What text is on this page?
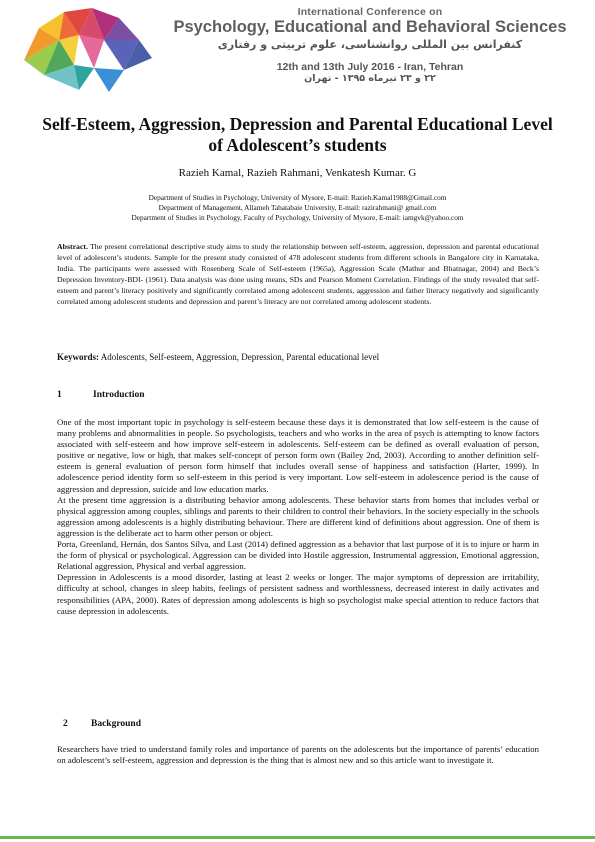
International Conference on
Psychology, Educational and Behavioral Sciences
کنفرانس بین المللی روانشناسی، علوم تربیتی و رفتاری
12th and 13th July 2016 - Iran, Tehran
۲۲ و ۲۳ تیرماه ۱۳۹۵ - تهران
Self-Esteem, Aggression, Depression and Parental Educational Level of Adolescent’s students
Razieh Kamal, Razieh Rahmani, Venkatesh Kumar. G
Department of Studies in Psychology, University of Mysore, E-mail: Razieh.Kamal1988@Gmail.com
Department of Management, Allameh Tabatabaie University, E-mail: razirahmani@ gmail.com
Department of Studies in Psychology, Faculty of Psychology, University of Mysore, E-mail: iamgvk@yahoo.com
Abstract. The present correlational descriptive study aims to study the relationship between self-esteem, aggression, depression and parental educational level of adolescent’s students. Sample for the present study consisted of 478 adolescent students from different schools in Bangalore city in Karnataka, India. The participants were assessed with Rosenberg Scale of Self-esteem (1965a), Aggression Scale (Mathur and Bhatnagar, 2004) and Beck’s Depression Inventory-BDI- (1961). Data analysis was done using means, SDs and Pearson Moment Correlation. Findings of the study revealed that self-esteem and parent’s literacy positively and significantly correlated among adolescent students, aggression and father literacy negatively and significantly correlated among adolescent students and depression and parent’s literacy are not correlated among adolescent students.
Keywords: Adolescents, Self-esteem, Aggression, Depression, Parental educational level
1	Introduction

One of the most important topic in psychology is self-esteem because these days it is demonstrated that low self-esteem is the cause of many problems and abnormalities in people. So psychologists, teachers and who works in the area of psych is attempting to know factors associated with self-esteem and how improve self-esteem in adolescents. Self-esteem can be defined as overall evaluation of person, positive or negative, low or high, that makes self-concept of person form own (Bailey 2nd, 2003). According to another definition self-esteem is general evaluation of person form himself that includes overall sense of happiness and satisfaction (Harter, 1999). In adolescence period identity form so self-esteem in this period is very important. Low self-esteem in adolescence period is the cause of aggression and depression, suicide and low education marks.

At the present time aggression is a distributing behavior among adolescents. These behavior starts from homes that includes verbal or physical aggression among couples, siblings and parents to their children to control their behaviors. In the society especially in the schools aggression among adolescents is a highly distributing behaviour. There are different kind of definitions about aggression. One of them is aggression is the deliberate act to harm other person or object.

Porta, Greenland, Hernán, dos Santos Silva, and Last (2014) defined aggression as a behavior that last purpose of it is to injure or harm in the form of physical or psychological. Aggression can be divided into Hostile aggression, Instrumental aggression, Emotional aggression, Relational aggression, Physical and verbal aggression.

Depression in Adolescents is a mood disorder, lasting at least 2 weeks or longer. The major symptoms of depression are irritability, difficulty at school, changes in sleep habits, feelings of persistent sadness and worthlessness, decreased interest in daily activates and responsibilities (APA, 2000). Rates of depression among adolescents is high so psychologist make special attention to reduce factors that cause depression in adolescents.

2 Background

Researchers have tried to understand family roles and importance of parents on the adolescents but the importance of parents’ education on adolescent’s self-esteem, aggression and depression is the thing that is almost new and so this article want to investigate it.
